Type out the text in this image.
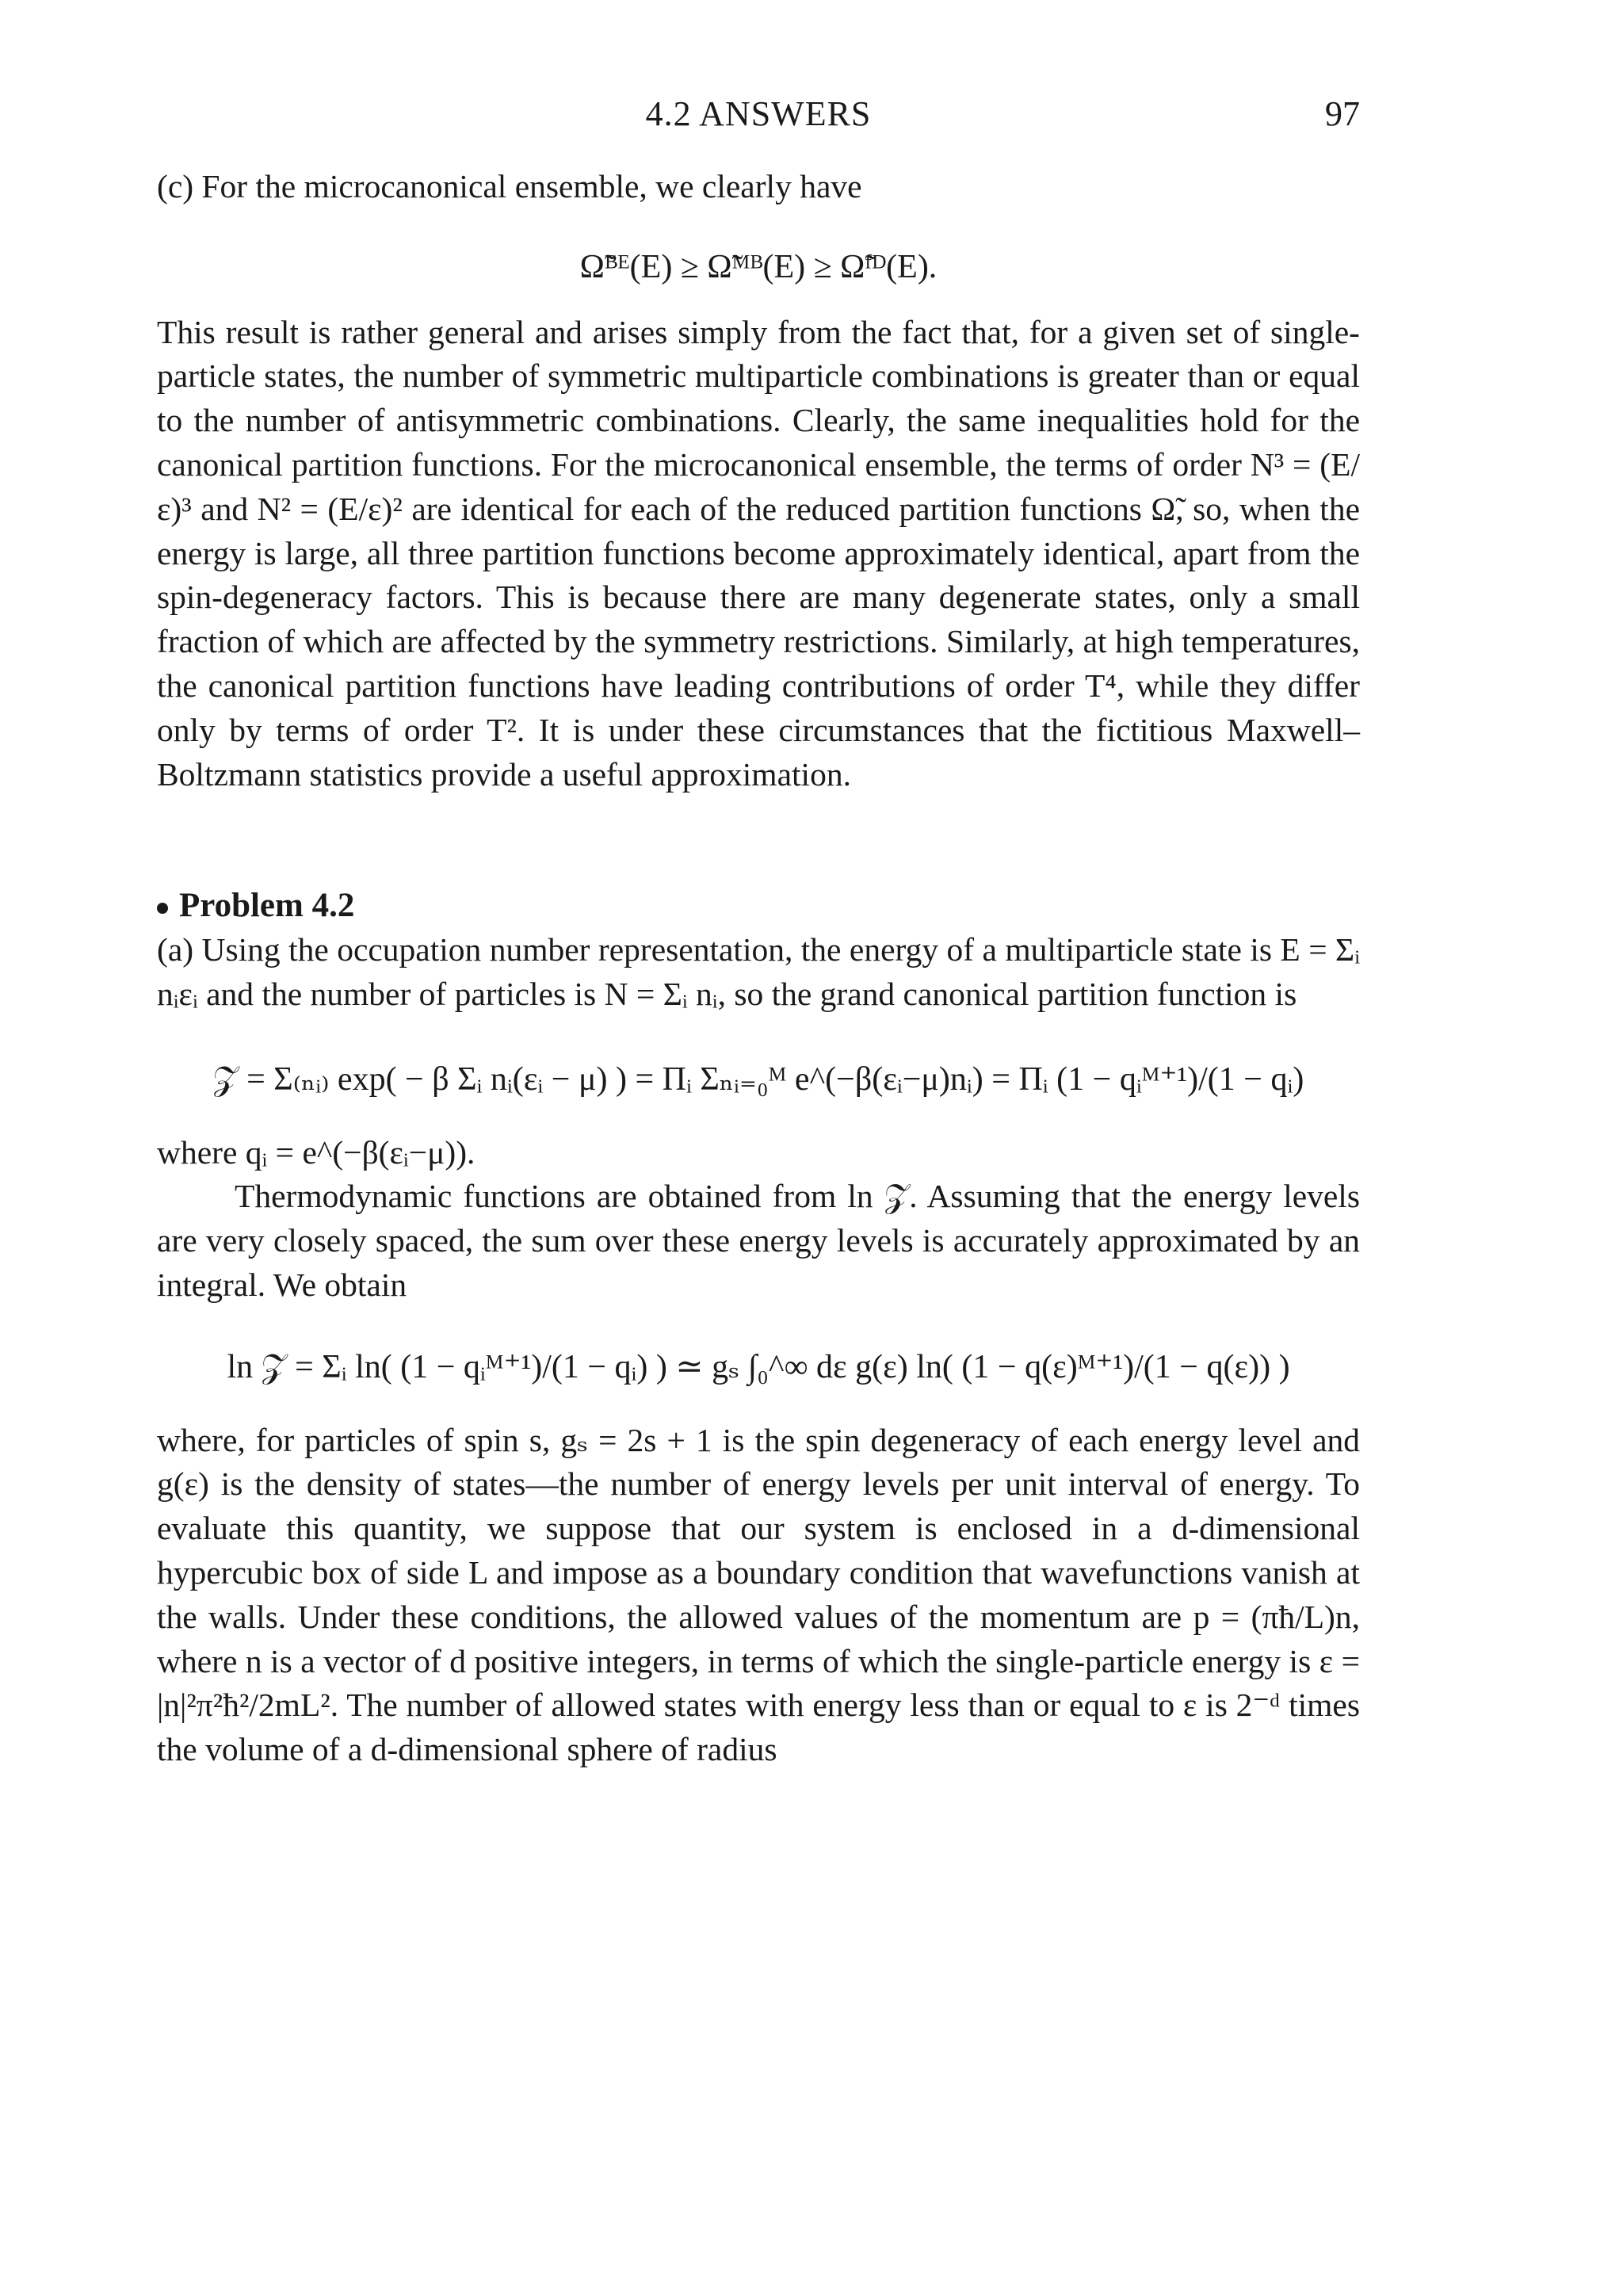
4.2 ANSWERS	97

(c) For the microcanonical ensemble, we clearly have

Ω̃ᴮᴱ(E) ≥ Ω̃ᴹᴮ(E) ≥ Ω̃ᶠᴰ(E).

This result is rather general and arises simply from the fact that, for a given set of single-particle states, the number of symmetric multiparticle combinations is greater than or equal to the number of antisymmetric combinations. Clearly, the same inequalities hold for the canonical partition functions. For the microcanonical ensemble, the terms of order N³ = (E/ε)³ and N² = (E/ε)² are identical for each of the reduced partition functions Ω̃, so, when the energy is large, all three partition functions become approximately identical, apart from the spin-degeneracy factors. This is because there are many degenerate states, only a small fraction of which are affected by the symmetry restrictions. Similarly, at high temperatures, the canonical partition functions have leading contributions of order T⁴, while they differ only by terms of order T². It is under these circumstances that the fictitious Maxwell–Boltzmann statistics provide a useful approximation.

Problem 4.2

(a) Using the occupation number representation, the energy of a multiparticle state is E = Σᵢ nᵢεᵢ and the number of particles is N = Σᵢ nᵢ, so the grand canonical partition function is

𝒵 = Σ₍ₙᵢ₎ exp( − β Σᵢ nᵢ(εᵢ − μ) ) = Πᵢ Σₙᵢ₌₀ᴹ e^(−β(εᵢ−μ)nᵢ) = Πᵢ (1 − qᵢᴹ⁺¹)/(1 − qᵢ)

where qᵢ = e^(−β(εᵢ−μ)).

Thermodynamic functions are obtained from ln 𝒵. Assuming that the energy levels are very closely spaced, the sum over these energy levels is accurately approximated by an integral. We obtain

ln 𝒵 = Σᵢ ln( (1 − qᵢᴹ⁺¹)/(1 − qᵢ) ) ≃ gₛ ∫₀^∞ dε g(ε) ln( (1 − q(ε)ᴹ⁺¹)/(1 − q(ε)) )

where, for particles of spin s, gₛ = 2s + 1 is the spin degeneracy of each energy level and g(ε) is the density of states—the number of energy levels per unit interval of energy. To evaluate this quantity, we suppose that our system is enclosed in a d-dimensional hypercubic box of side L and impose as a boundary condition that wavefunctions vanish at the walls. Under these conditions, the allowed values of the momentum are p = (πħ/L)n, where n is a vector of d positive integers, in terms of which the single-particle energy is ε = |n|²π²ħ²/2mL². The number of allowed states with energy less than or equal to ε is 2⁻ᵈ times the volume of a d-dimensional sphere of radius
